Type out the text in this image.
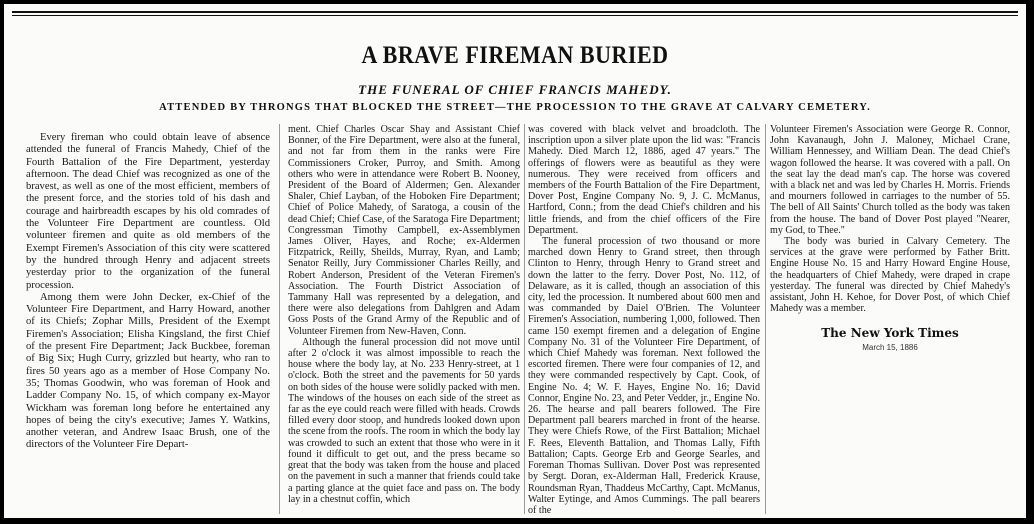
A BRAVE FIREMAN BURIED
THE FUNERAL OF CHIEF FRANCIS MAHEDY.
ATTENDED BY THRONGS THAT BLOCKED THE STREET—THE PROCESSION TO THE GRAVE AT CALVARY CEMETERY.

Every fireman who could obtain leave of absence attended the funeral of Francis Mahedy, Chief of the Fourth Battalion of the Fire Department, yesterday afternoon. The dead Chief was recognized as one of the bravest, as well as one of the most efficient, members of the present force, and the stories told of his dash and courage and hairbreadth escapes by his old comrades of the Volunteer Fire Department are countless. Old volunteer firemen and quite as old members of the Exempt Firemen's Association of this city were scattered by the hundred through Henry and adjacent streets yesterday prior to the organization of the funeral procession.

Among them were John Decker, ex-Chief of the Volunteer Fire Department, and Harry Howard, another of its Chiefs; Zophar Mills, President of the Exempt Firemen's Association; Elisha Kingsland, the first Chief of the present Fire Department; Jack Buckbee, foreman of Big Six; Hugh Curry, grizzled but hearty, who ran to fires 50 years ago as a member of Hose Company No. 35; Thomas Goodwin, who was foreman of Hook and Ladder Company No. 15, of which company ex-Mayor Wickham was foreman long before he entertained any hopes of being the city's executive; James Y. Watkins, another veteran, and Andrew Isaac Brush, one of the directors of the Volunteer Fire Depart-

ment. Chief Charles Oscar Shay and Assistant Chief Bonner, of the Fire Department, were also at the funeral, and not far from them in the ranks were Fire Commissioners Croker, Purroy, and Smith. Among others who were in attendance were Robert B. Nooney, President of the Board of Aldermen; Gen. Alexander Shaler, Chief Layban, of the Hoboken Fire Department; Chief of Police Mahedy, of Saratoga, a cousin of the dead Chief; Chief Case, of the Saratoga Fire Department; Congressman Timothy Campbell, ex-Assemblymen James Oliver, Hayes, and Roche; ex-Aldermen Fitzpatrick, Reilly, Sheilds, Murray, Ryan, and Lamb; Senator Reilly, Jury Commissioner Charles Reilly, and Robert Anderson, President of the Veteran Firemen's Association. The Fourth District Association of Tammany Hall was represented by a delegation, and there were also delegations from Dahlgren and Adam Goss Posts of the Grand Army of the Republic and of Volunteer Firemen from New-Haven, Conn.

Although the funeral procession did not move until after 2 o'clock it was almost impossible to reach the house where the body lay, at No. 233 Henry-street, at 1 o'clock. Both the street and the pavements for 50 yards on both sides of the house were solidly packed with men. The windows of the houses on each side of the street as far as the eye could reach were filled with heads. Crowds filled every door stoop, and hundreds looked down upon the scene from the roofs. The room in which the body lay was crowded to such an extent that those who were in it found it difficult to get out, and the press became so great that the body was taken from the house and placed on the pavement in such a manner that friends could take a parting glance at the quiet face and pass on. The body lay in a chestnut coffin, which

was covered with black velvet and broadcloth. The inscription upon a silver plate upon the lid was: "Francis Mahedy. Died March 12, 1886, aged 47 years." The offerings of flowers were as beautiful as they were numerous. They were received from officers and members of the Fourth Battalion of the Fire Department, Dover Post, Engine Company No. 9, J. C. McManus, Hartford, Conn.; from the dead Chief's children and his little friends, and from the chief officers of the Fire Department.

The funeral procession of two thousand or more marched down Henry to Grand street, then through Clinton to Henry, through Henry to Grand street and down the latter to the ferry. Dover Post, No. 112, of Delaware, as it is called, though an association of this city, led the procession. It numbered about 600 men and was commanded by Daiel O'Brien. The Volunteer Firemen's Association, numbering 1,000, followed. Then came 150 exempt firemen and a delegation of Engine Company No. 31 of the Volunteer Fire Department, of which Chief Mahedy was foreman. Next followed the escorted firemen. There were four companies of 12, and they were commanded respectively by Capt. Cook, of Engine No. 4; W. F. Hayes, Engine No. 16; David Connor, Engine No. 23, and Peter Vedder, jr., Engine No. 26. The hearse and pall bearers followed. The Fire Department pall bearers marched in front of the hearse. They were Chiefs Rowe, of the First Battalion; Michael F. Rees, Eleventh Battalion, and Thomas Lally, Fifth Battalion; Capts. George Erb and George Searles, and Foreman Thomas Sullivan. Dover Post was represented by Sergt. Doran, ex-Alderman Hall, Frederick Krause, Roundsman Ryan, Thaddeus McCarthy, Capt. McManus, Walter Eytinge, and Amos Cummings. The pall bearers of the

Volunteer Firemen's Association were George R. Connor, John Kavanaugh, John J. Maloney, Michael Crane, William Hennessey, and William Dean. The dead Chief's wagon followed the hearse. It was covered with a pall. On the seat lay the dead man's cap. The horse was covered with a black net and was led by Charles H. Morris. Friends and mourners followed in carriages to the number of 55. The bell of All Saints' Church tolled as the body was taken from the house. The band of Dover Post played "Nearer, my God, to Thee."

The body was buried in Calvary Cemetery. The services at the grave were performed by Father Britt. Engine House No. 15 and Harry Howard Engine House, the headquarters of Chief Mahedy, were draped in crape yesterday. The funeral was directed by Chief Mahedy's assistant, John H. Kehoe, for Dover Post, of which Chief Mahedy was a member.

The New York Times
March 15, 1886
